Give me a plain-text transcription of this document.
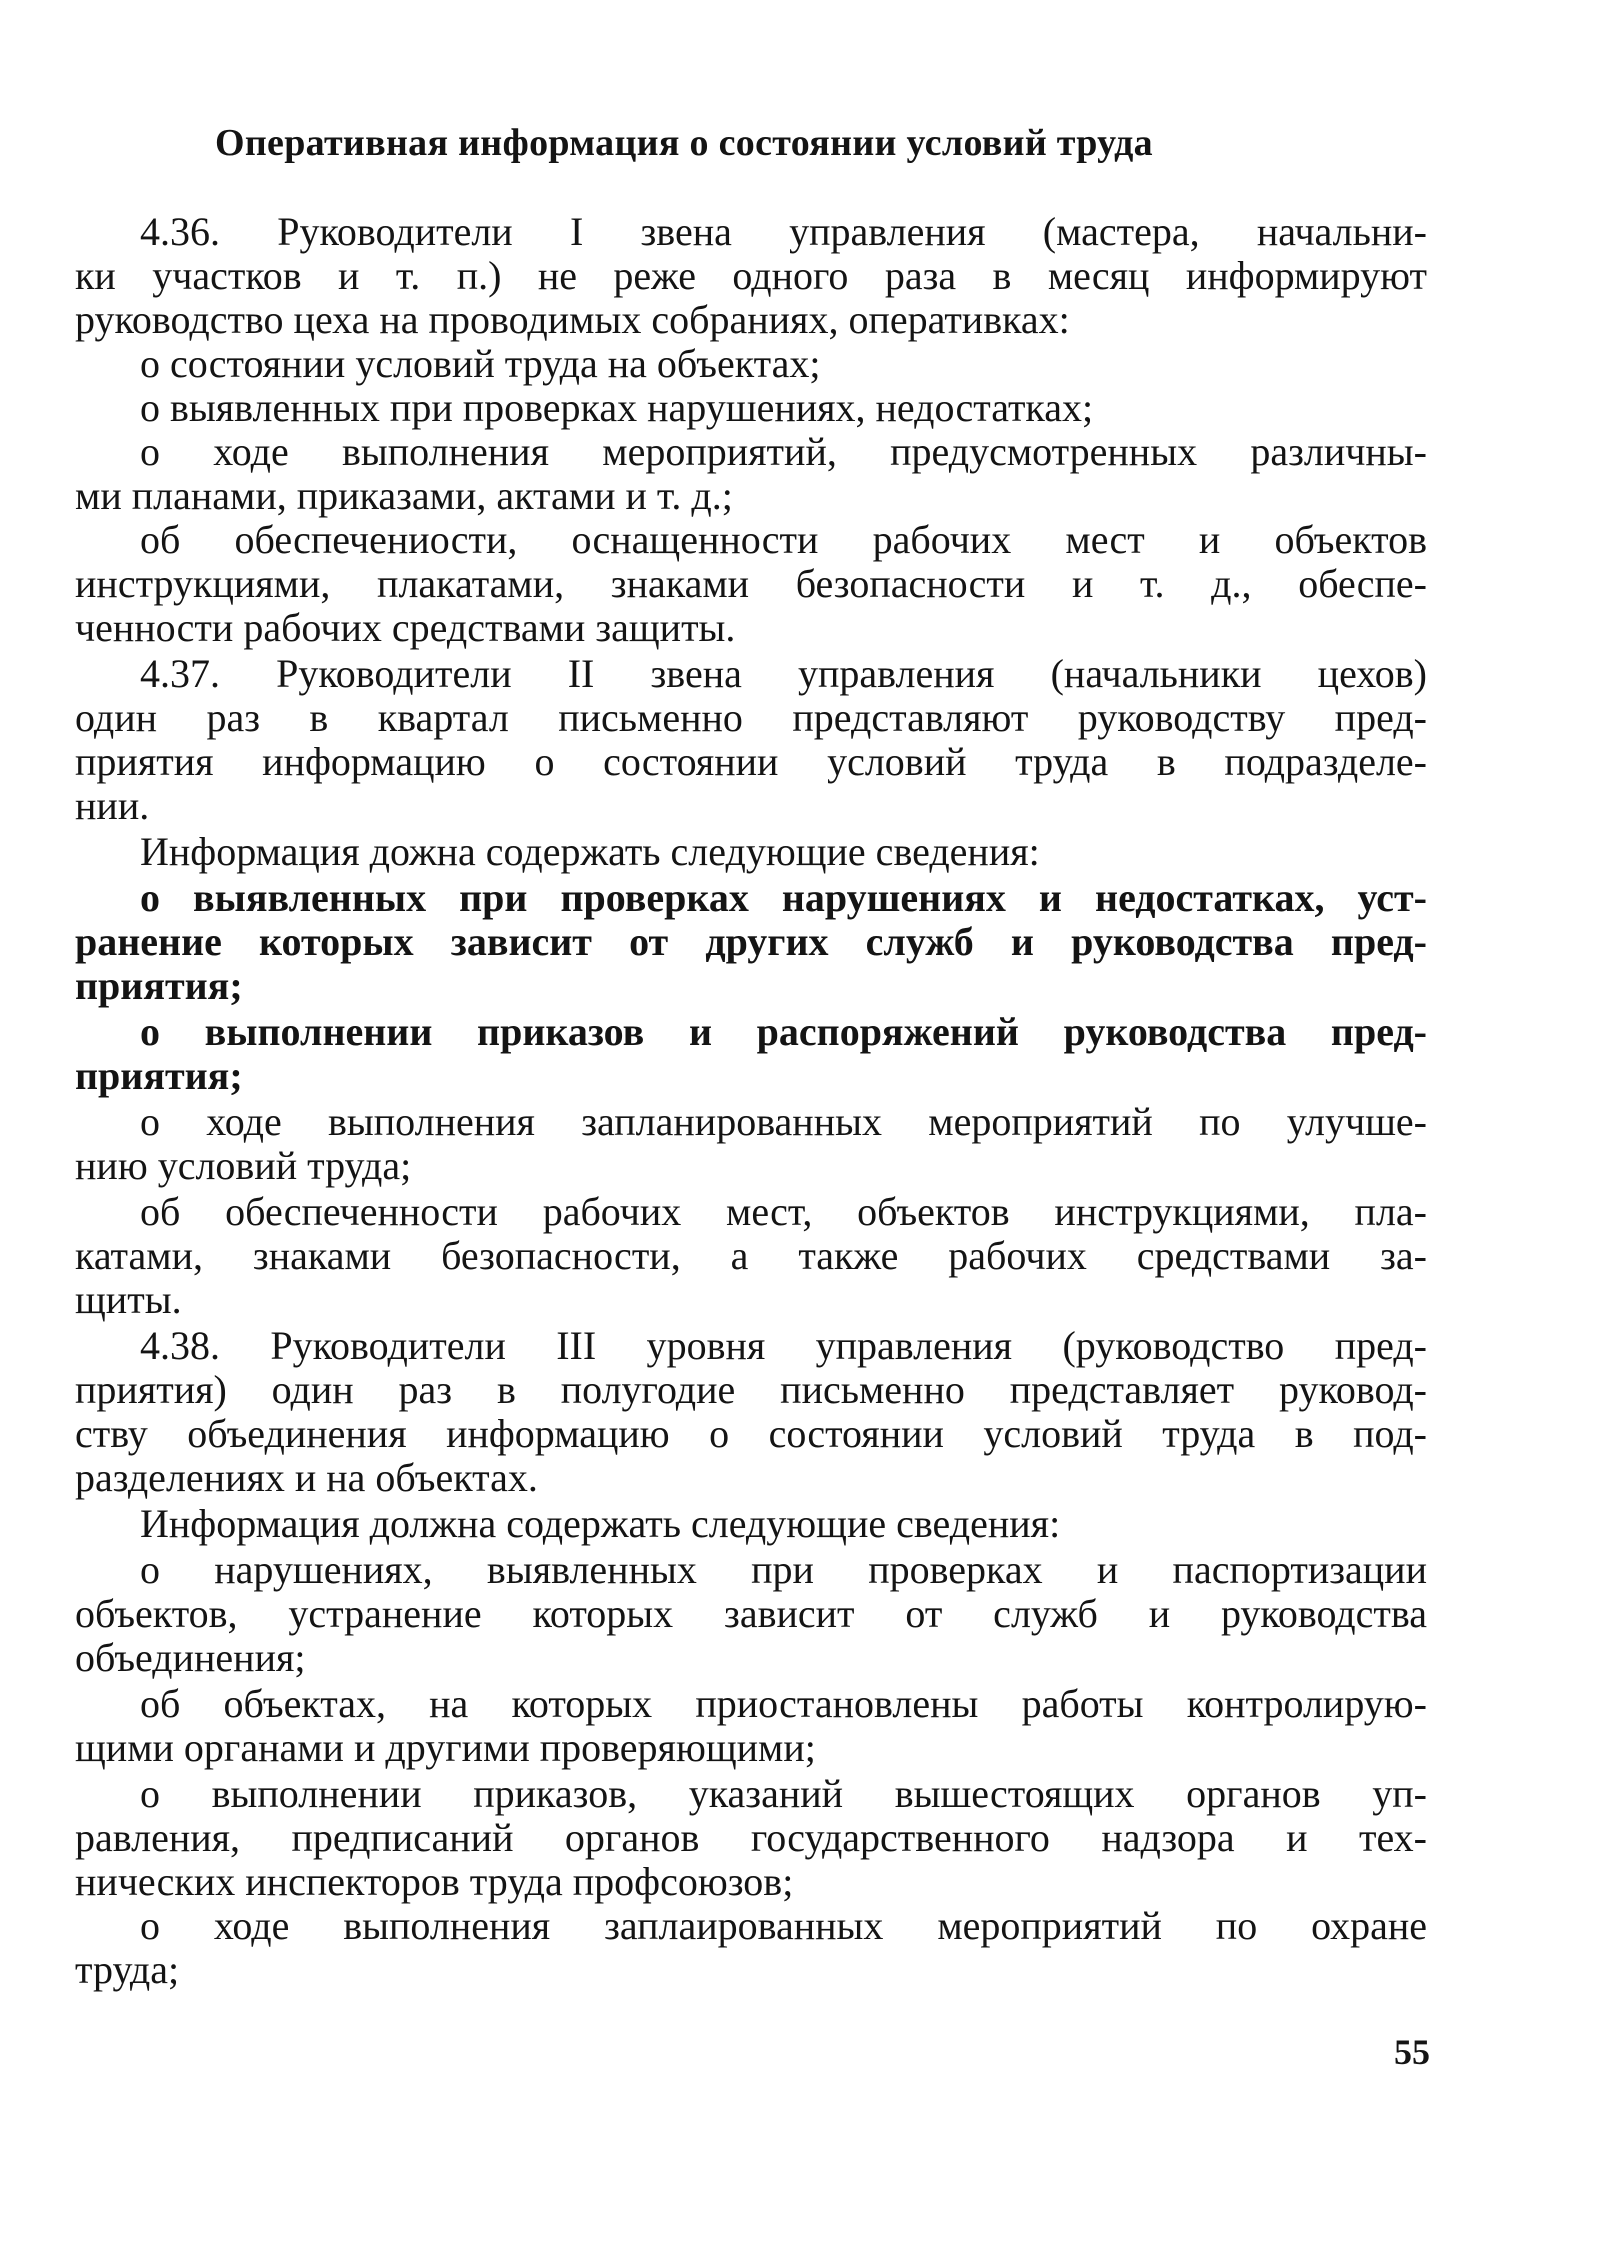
Оперативная информация о состоянии условий труда
4.36. Руководители I звена управления (мастера, начальни-
ки участков и т. п.) не реже одного раза в месяц информируют
руководство цеха на проводимых собраниях, оперативках:
о состоянии условий труда на объектах;
о выявленных при проверках нарушениях, недостатках;
о ходе выполнения мероприятий, предусмотренных различны-
ми планами, приказами, актами и т. д.;
об обеспечениости, оснащенности рабочих мест и объектов
инструкциями, плакатами, знаками безопасности и т. д., обеспе-
ченности рабочих средствами защиты.
4.37. Руководители II звена управления (начальники цехов)
один раз в квартал письменно представляют руководству пред-
приятия информацию о состоянии условий труда в подразделе-
нии.
Информация дожна содержать следующие сведения:
о выявленных при проверках нарушениях и недостатках, уст-
ранение которых зависит от других служб и руководства пред-
приятия;
о выполнении приказов и распоряжений руководства пред-
приятия;
о ходе выполнения запланированных мероприятий по улучше-
нию условий труда;
об обеспеченности рабочих мест, объектов инструкциями, пла-
катами, знаками безопасности, а также рабочих средствами за-
щиты.
4.38. Руководители III уровня управления (руководство пред-
приятия) один раз в полугодие письменно представляет руковод-
ству объединения информацию о состоянии условий труда в под-
разделениях и на объектах.
Информация должна содержать следующие сведения:
о нарушениях, выявленных при проверках и паспортизации
объектов, устранение которых зависит от служб и руководства
объединения;
об объектах, на которых приостановлены работы контролирую-
щими органами и другими проверяющими;
о выполнении приказов, указаний вышестоящих органов уп-
равления, предписаний органов государственного надзора и тех-
нических инспекторов труда профсоюзов;
о ходе выполнения заплаированных мероприятий по охране
труда;
55
